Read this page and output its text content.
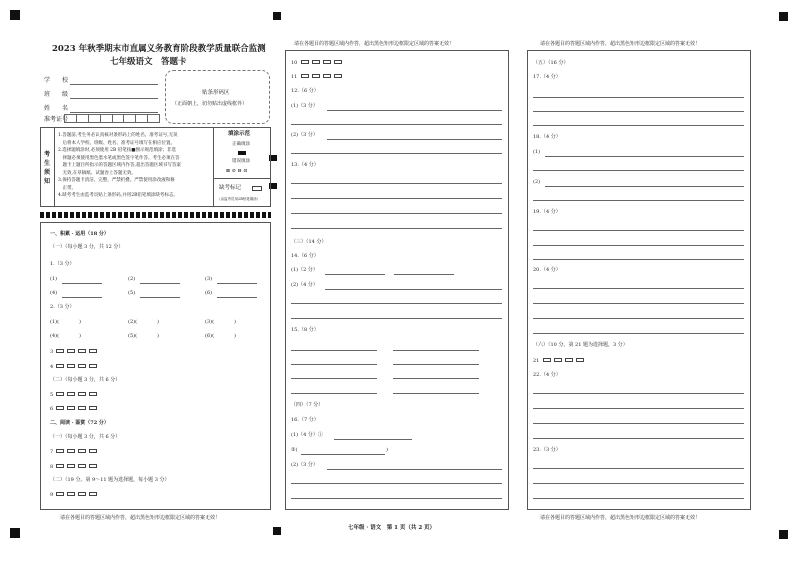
2023 年秋季期末市直属义务教育阶段教学质量联合监测
七年级语文　答题卡
学　　校
班　　级
姓　　名
准考证号
贴条形码区
（正面朝上，切勿贴出虚线框外）
考生须知
1.答题前,考生务必认真核对条形码上的姓名、准考证号,无误
　后将本人学校、班级、姓名、准考证号填写在相应位置。
2.选择题填涂时,必须使用 2B 铅笔按■图示规范填涂；非选
　择题必须使用黑色墨水笔或黑色签字笔作答。考生必须在答
　题卡上题目所指示的答题区域内作答,超出答题区域书写答案
　无效,在草稿纸、试题卷上答题无效。
3.保持答题卡清洁、完整，严禁折叠。严禁使用涂改液和修
　正带。
4.缺考考生由监考员贴上条形码,并用2B铅笔填涂缺考标志。
填涂示范
正确填涂
错误填涂
⊠ ⊘ ⊟ ⊡
缺考标记
（由监考员用2B铅笔填涂）
一、积累 · 运用（18 分）
（一）（每小题 3 分，共 12 分）
1.（3 分）
(1)	(2)	(3)
(4)	(5)	(6)
2.（3 分）
(1)(　　　　)	(2)(　　　　)	(3)(　　　　)
(4)(　　　　)	(5)(　　　　)	(6)(　　　　)
3
4
（二）（每小题 3 分，共 6 分）
5
6
二、阅读 · 鉴赏（72 分）
（一）（每小题 3 分，共 6 分）
7
8
（二）（19 分。第 9～11 题为选择题，每小题 3 分）
9
请在各题目的答题区域内作答，超出黑色矩形边框限定区域的答案无效！
请在各题目的答题区域内作答，超出黑色矩形边框限定区域的答案无效！
10
11
12.（6 分）
(1)（3 分）
(2)（3 分）
13.（4 分）
（三）（14 分）
14.（6 分）
(1)（2 分）
(2)（4 分）
15.（8 分）
（四）（7 分）
16.（7 分）
(1)（4 分）①
②(	)
(2)（3 分）
七年级 · 语文　第 1 页（共 2 页）
请在各题目的答题区域内作答，超出黑色矩形边框限定区域的答案无效！
（五）（16 分）
17.（4 分）
18.（4 分）
(1)
(2)
19.（4 分）
20.（4 分）
（六）（10 分。第 21 题为选择题，3 分）
21
22.（4 分）
23.（3 分）
请在各题目的答题区域内作答，超出黑色矩形边框限定区域的答案无效！
